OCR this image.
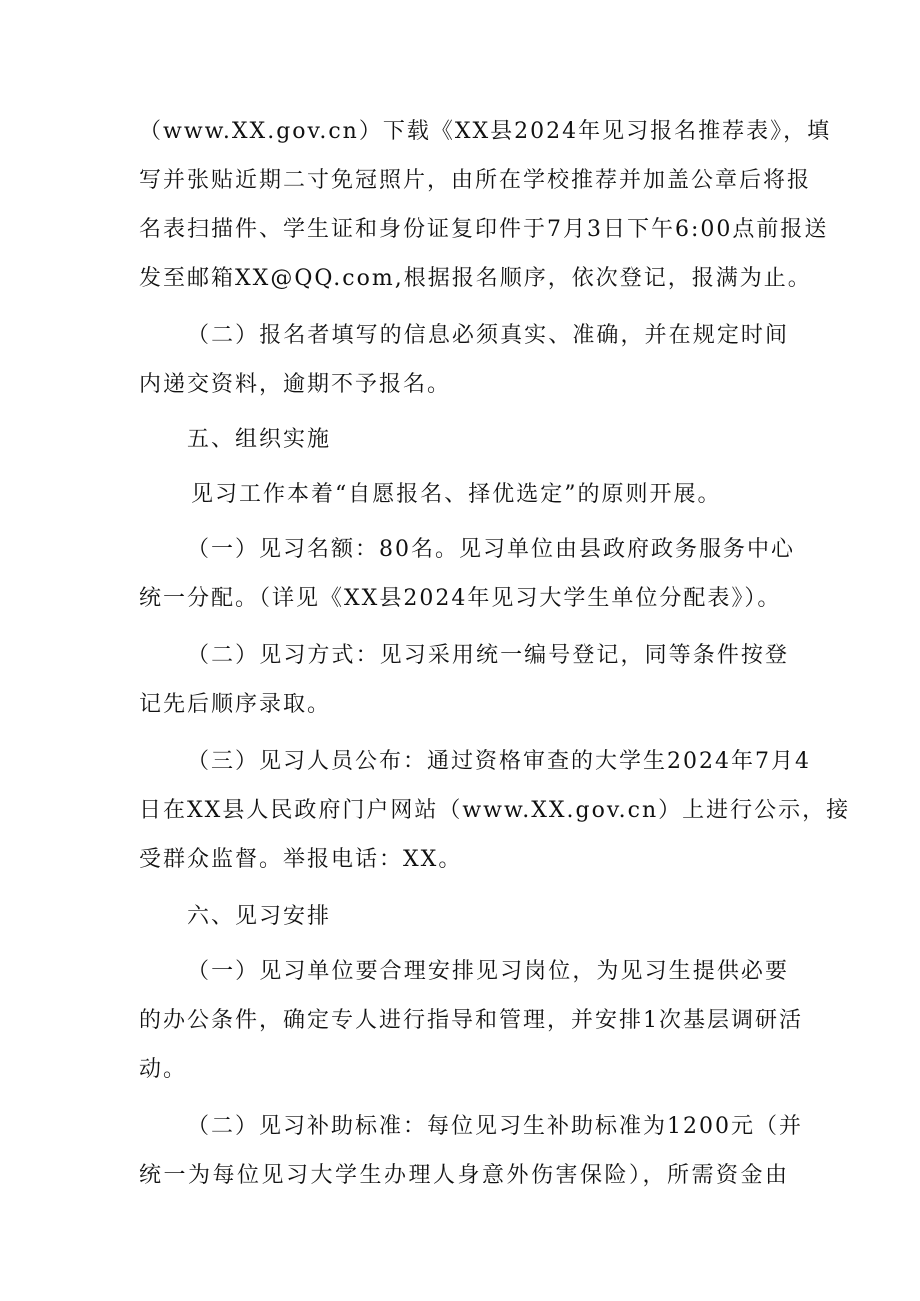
（www.XX.gov.cn）下载《XX县2024年见习报名推荐表》，填
写并张贴近期二寸免冠照片，由所在学校推荐并加盖公章后将报
名表扫描件、学生证和身份证复印件于7月3日下午6:00点前报送
发至邮箱XX@QQ.com,根据报名顺序，依次登记，报满为止。
（二）报名者填写的信息必须真实、准确，并在规定时间
内递交资料，逾期不予报名。
五、组织实施
见习工作本着“自愿报名、择优选定”的原则开展。
（一）见习名额：80名。见习单位由县政府政务服务中心
统一分配。（详见《XX县2024年见习大学生单位分配表》）。
（二）见习方式：见习采用统一编号登记，同等条件按登
记先后顺序录取。
（三）见习人员公布：通过资格审查的大学生2024年7月4
日在XX县人民政府门户网站（www.XX.gov.cn）上进行公示，接
受群众监督。举报电话：XX。
六、见习安排
（一）见习单位要合理安排见习岗位，为见习生提供必要
的办公条件，确定专人进行指导和管理，并安排1次基层调研活
动。
（二）见习补助标准：每位见习生补助标准为1200元（并
统一为每位见习大学生办理人身意外伤害保险），所需资金由
